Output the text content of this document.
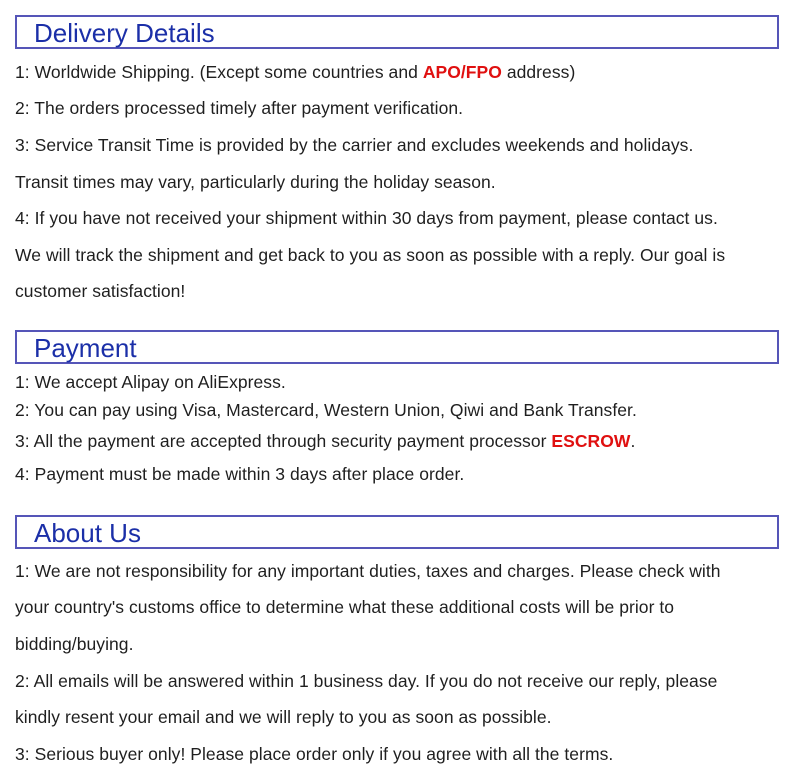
Delivery Details
1: Worldwide Shipping. (Except some countries and APO/FPO address)
2: The orders processed timely after payment verification.
3: Service Transit Time is provided by the carrier and excludes weekends and holidays.
Transit times may vary, particularly during the holiday season.
4: If you have not received your shipment within 30 days from payment, please contact us.
We will track the shipment and get back to you as soon as possible with a reply. Our goal is
customer satisfaction!
Payment
1: We accept Alipay on AliExpress.
2: You can pay using Visa, Mastercard, Western Union, Qiwi and Bank Transfer.
3: All the payment are accepted through security payment processor ESCROW.
4: Payment must be made within 3 days after place order.
About Us
1: We are not responsibility for any important duties, taxes and charges. Please check with
your country's customs office to determine what these additional costs will be prior to
bidding/buying.
2: All emails will be answered within 1 business day. If you do not receive our reply, please
kindly resent your email and we will reply to you as soon as possible.
3: Serious buyer only! Please place order only if you agree with all the terms.
